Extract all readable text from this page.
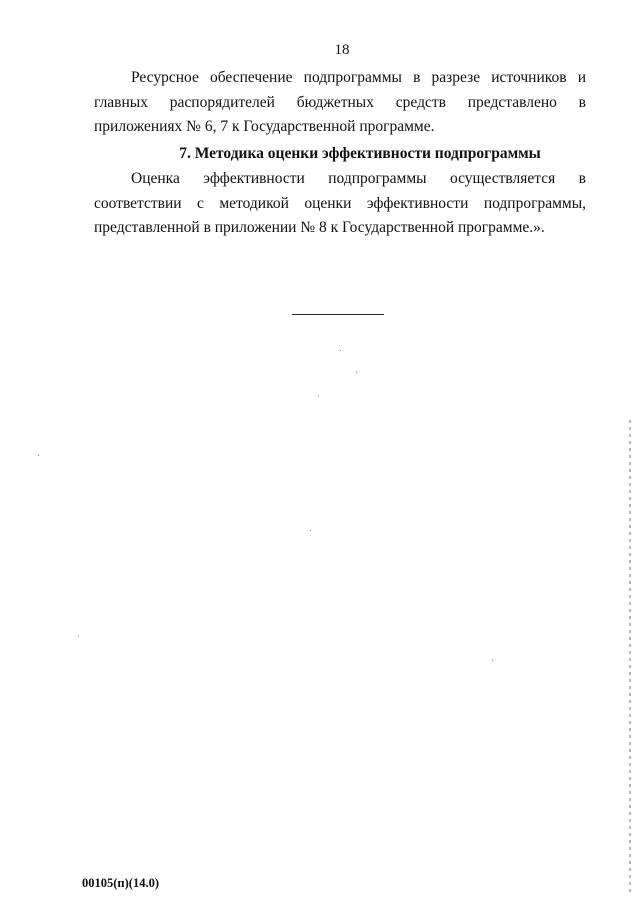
18

Ресурсное обеспечение подпрограммы в разрезе источников и главных распорядителей бюджетных средств представлено в приложениях № 6, 7 к Государственной программе.

7. Методика оценки эффективности подпрограммы

Оценка эффективности подпрограммы осуществляется в соответствии с методикой оценки эффективности подпрограммы, представленной в приложении № 8 к Государственной программе.».

00105(п)(14.0)
